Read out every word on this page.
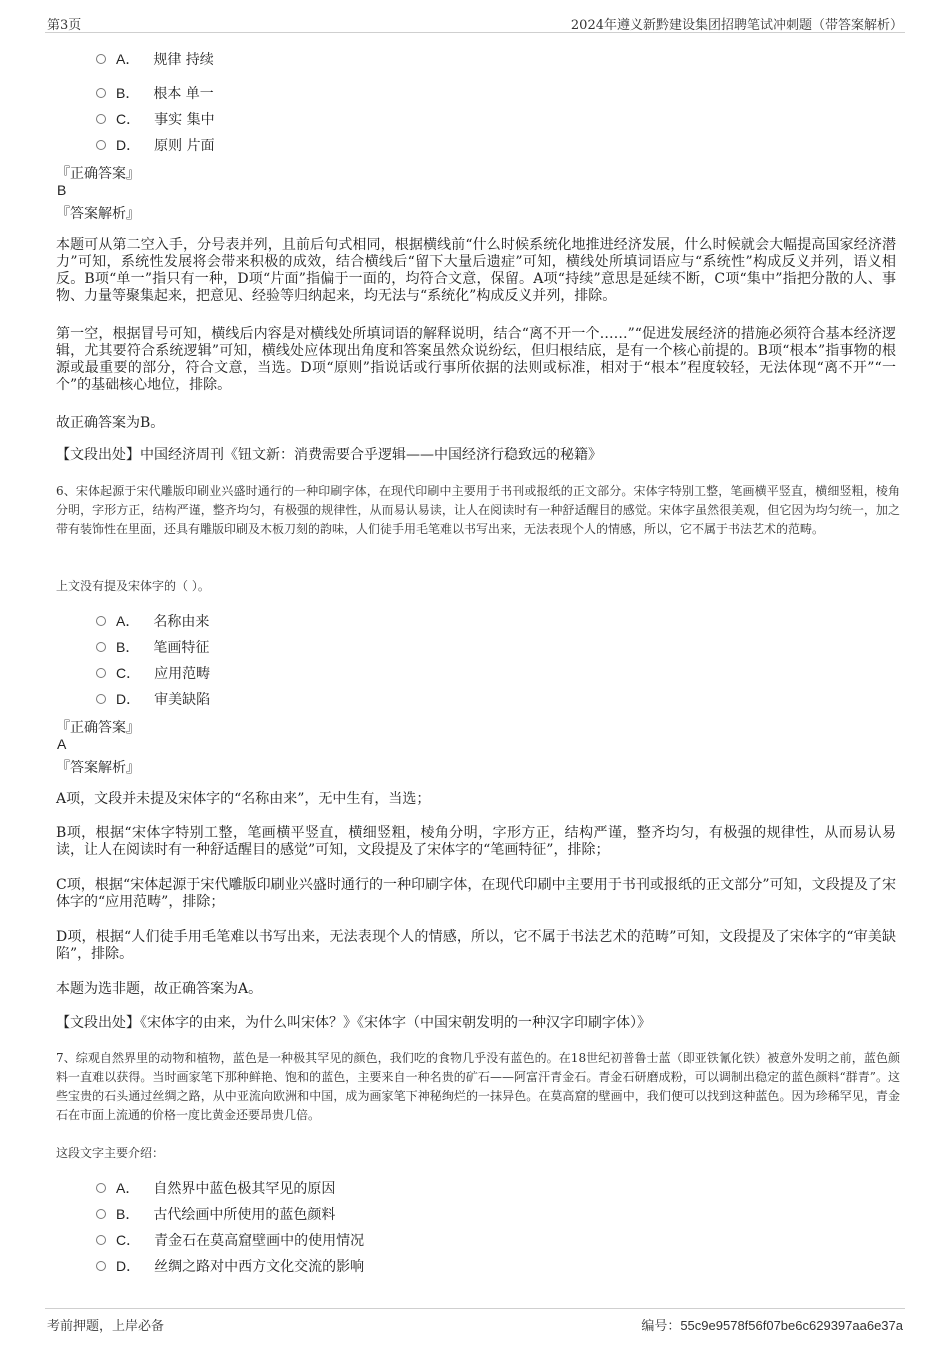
第3页	2024年遵义新黔建设集团招聘笔试冲刺题（带答案解析）
A． 规律 持续
B． 根本 单一
C． 事实 集中
D． 原则 片面
『正确答案』
B
『答案解析』
本题可从第二空入手，分号表并列，且前后句式相同，根据横线前“什么时候系统化地推进经济发展，什么时候就会大幅提高国家经济潜力”可知，系统性发展将会带来积极的成效，结合横线后“留下大量后遗症”可知，横线处所填词语应与“系统性”构成反义并列，语义相反。B项“单一”指只有一种，D项“片面”指偏于一面的，均符合文意，保留。A项“持续”意思是延续不断，C项“集中”指把分散的人、事物、力量等聚集起来，把意见、经验等归纳起来，均无法与“系统化”构成反义并列，排除。
第一空，根据冒号可知，横线后内容是对横线处所填词语的解释说明，结合“离不开一个……”“促进发展经济的措施必须符合基本经济逻辑，尤其要符合系统逻辑”可知，横线处应体现出角度和答案虽然众说纷纭，但归根结底，是有一个核心前提的。B项“根本”指事物的根源或最重要的部分，符合文意，当选。D项“原则”指说话或行事所依据的法则或标准，相对于“根本”程度较轻，无法体现“离不开”“一个”的基础核心地位，排除。
故正确答案为B。
【文段出处】中国经济周刊《钮文新：消费需要合乎逻辑——中国经济行稳致远的秘籍》
6、宋体起源于宋代雕版印刷业兴盛时通行的一种印刷字体，在现代印刷中主要用于书刊或报纸的正文部分。宋体字特别工整，笔画横平竖直，横细竖粗，棱角分明，字形方正，结构严谨，整齐均匀，有极强的规律性，从而易认易读，让人在阅读时有一种舒适醒目的感觉。宋体字虽然很美观，但它因为均匀统一，加之带有装饰性在里面，还具有雕版印刷及木板刀刻的韵味，人们徒手用毛笔难以书写出来，无法表现个人的情感，所以，它不属于书法艺术的范畴。
上文没有提及宋体字的（ ）。
A． 名称由来
B． 笔画特征
C． 应用范畴
D． 审美缺陷
『正确答案』
A
『答案解析』
A项，文段并未提及宋体字的“名称由来”，无中生有，当选；
B项，根据“宋体字特别工整，笔画横平竖直，横细竖粗，棱角分明，字形方正，结构严谨，整齐均匀，有极强的规律性，从而易认易读，让人在阅读时有一种舒适醒目的感觉”可知，文段提及了宋体字的“笔画特征”，排除；
C项，根据“宋体起源于宋代雕版印刷业兴盛时通行的一种印刷字体，在现代印刷中主要用于书刊或报纸的正文部分”可知，文段提及了宋体字的“应用范畴”，排除；
D项，根据“人们徒手用毛笔难以书写出来，无法表现个人的情感，所以，它不属于书法艺术的范畴”可知，文段提及了宋体字的“审美缺陷”，排除。
本题为选非题，故正确答案为A。
【文段出处】《宋体字的由来，为什么叫宋体？》《宋体字（中国宋朝发明的一种汉字印刷字体）》
7、综观自然界里的动物和植物，蓝色是一种极其罕见的颜色，我们吃的食物几乎没有蓝色的。在18世纪初普鲁士蓝（即亚铁氰化铁）被意外发明之前，蓝色颜料一直难以获得。当时画家笔下那种鲜艳、饱和的蓝色，主要来自一种名贵的矿石——阿富汗青金石。青金石研磨成粉，可以调制出稳定的蓝色颜料“群青”。这些宝贵的石头通过丝绸之路，从中亚流向欧洲和中国，成为画家笔下神秘绚烂的一抹异色。在莫高窟的壁画中，我们便可以找到这种蓝色。因为珍稀罕见，青金石在市面上流通的价格一度比黄金还要昂贵几倍。
这段文字主要介绍：
A． 自然界中蓝色极其罕见的原因
B． 古代绘画中所使用的蓝色颜料
C． 青金石在莫高窟壁画中的使用情况
D． 丝绸之路对中西方文化交流的影响
考前押题，上岸必备	编号：55c9e9578f56f07be6c629397aa6e37a
